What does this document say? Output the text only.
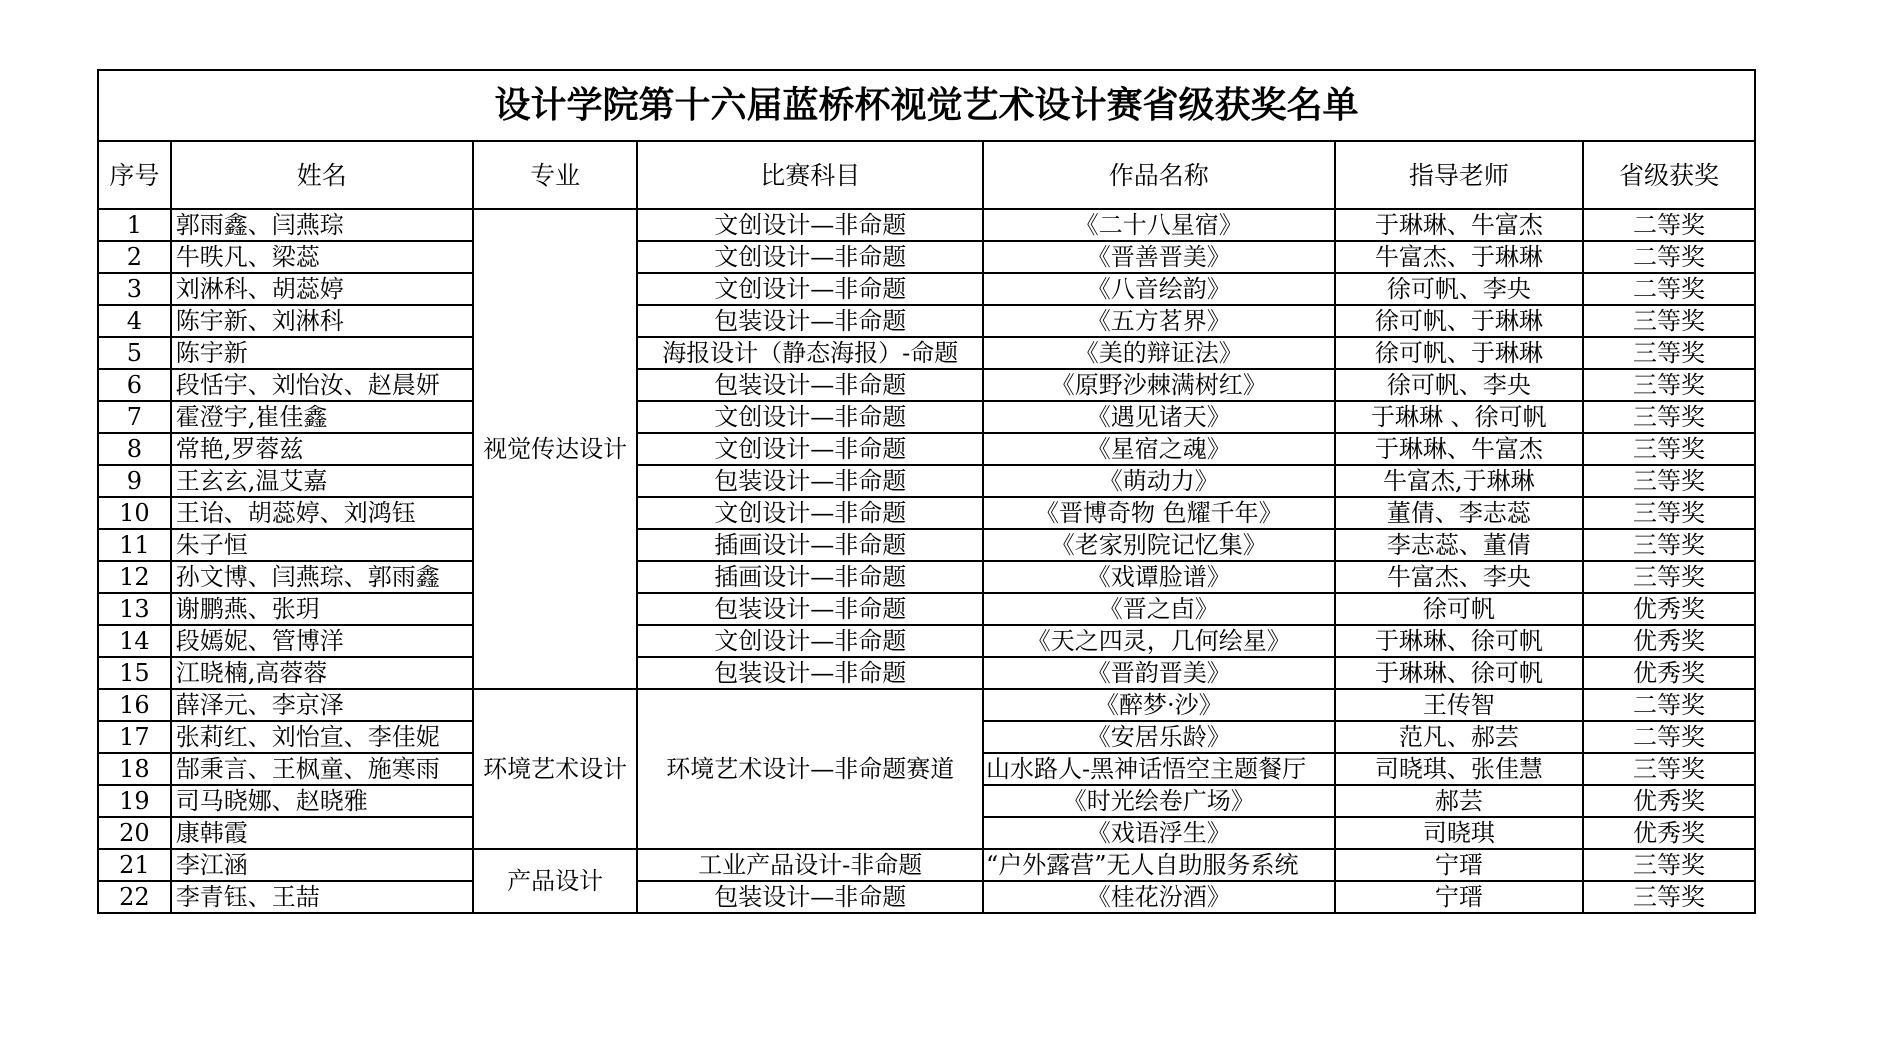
设计学院第十六届蓝桥杯视觉艺术设计赛省级获奖名单						
序号	姓名	专业	比赛科目	作品名称	指导老师	省级获奖
1	郭雨鑫、闫燕琮	视觉传达设计	文创设计—非命题	《二十八星宿》	于琳琳、牛富杰	二等奖
2	牛昳凡、梁蕊		文创设计—非命题	《晋善晋美》	牛富杰、于琳琳	二等奖
3	刘淋科、胡蕊婷		文创设计—非命题	《八音绘韵》	徐可帆、李央	二等奖
4	陈宇新、刘淋科		包装设计—非命题	《五方茗界》	徐可帆、于琳琳	三等奖
5	陈宇新		海报设计（静态海报）-命题	《美的辩证法》	徐可帆、于琳琳	三等奖
6	段恬宇、刘怡汝、赵晨妍		包装设计—非命题	《原野沙棘满树红》	徐可帆、李央	三等奖
7	霍澄宇,崔佳鑫		文创设计—非命题	《遇见诸天》	于琳琳 、徐可帆	三等奖
8	常艳,罗蓉兹		文创设计—非命题	《星宿之魂》	于琳琳、牛富杰	三等奖
9	王玄玄,温艾嘉		包装设计—非命题	《萌动力》	牛富杰,于琳琳	三等奖
10	王诒、胡蕊婷、刘鸿钰		文创设计—非命题	《晋博奇物 色耀千年》	董倩、李志蕊	三等奖
11	朱子恒		插画设计—非命题	《老家别院记忆集》	李志蕊、董倩	三等奖
12	孙文博、闫燕琮、郭雨鑫		插画设计—非命题	《戏谭脸谱》	牛富杰、李央	三等奖
13	谢鹏燕、张玥		包装设计—非命题	《晋之卣》	徐可帆	优秀奖
14	段嫣妮、管博洋		文创设计—非命题	《天之四灵，几何绘星》	于琳琳、徐可帆	优秀奖
15	江晓楠,高蓉蓉		包装设计—非命题	《晋韵晋美》	于琳琳、徐可帆	优秀奖
16	薛泽元、李京泽	环境艺术设计	环境艺术设计—非命题赛道	《醉梦·沙》	王传智	二等奖
17	张莉红、刘怡宣、李佳妮			《安居乐龄》	范凡、郝芸	二等奖
18	郜秉言、王枫童、施寒雨			山水路人-黑神话悟空主题餐厅	司晓琪、张佳慧	三等奖
19	司马晓娜、赵晓雅			《时光绘卷广场》	郝芸	优秀奖
20	康韩霞			《戏语浮生》	司晓琪	优秀奖
21	李江涵	产品设计	工业产品设计-非命题	“户外露营”无人自助服务系统	宁瑨	三等奖
22	李青钰、王喆		包装设计—非命题	《桂花汾酒》	宁瑨	三等奖
